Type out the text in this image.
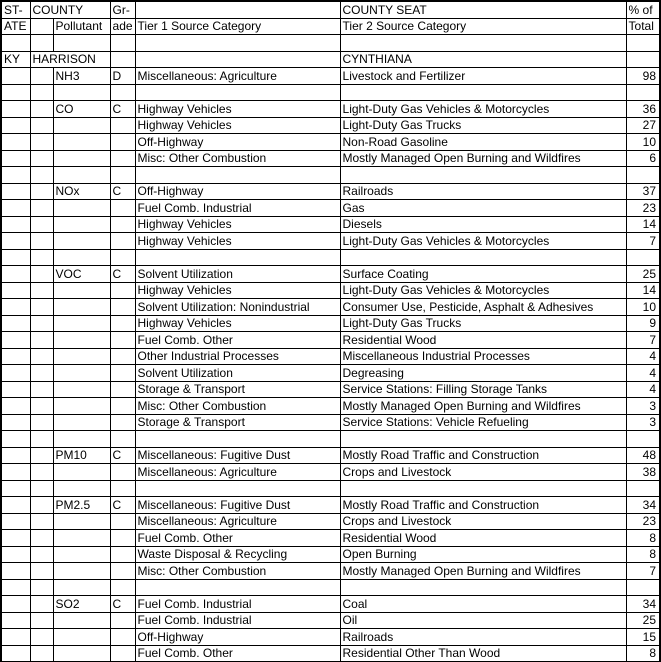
ST-	COUNTY		Gr-		COUNTY SEAT	% of
ATE		Pollutant	ade	Tier 1 Source Category	Tier 2 Source Category	Total

KY	HARRISON				CYNTHIANA	
		NH3	D	Miscellaneous: Agriculture	Livestock and Fertilizer	98

		CO	C	Highway Vehicles	Light-Duty Gas Vehicles & Motorcycles	36
				Highway Vehicles	Light-Duty Gas Trucks	27
				Off-Highway	Non-Road Gasoline	10
				Misc: Other Combustion	Mostly Managed Open Burning and Wildfires	6

		NOx	C	Off-Highway	Railroads	37
				Fuel Comb. Industrial	Gas	23
				Highway Vehicles	Diesels	14
				Highway Vehicles	Light-Duty Gas Vehicles & Motorcycles	7

		VOC	C	Solvent Utilization	Surface Coating	25
				Highway Vehicles	Light-Duty Gas Vehicles & Motorcycles	14
				Solvent Utilization: Nonindustrial	Consumer Use, Pesticide, Asphalt & Adhesives	10
				Highway Vehicles	Light-Duty Gas Trucks	9
				Fuel Comb. Other	Residential Wood	7
				Other Industrial Processes	Miscellaneous Industrial Processes	4
				Solvent Utilization	Degreasing	4
				Storage & Transport	Service Stations: Filling Storage Tanks	4
				Misc: Other Combustion	Mostly Managed Open Burning and Wildfires	3
				Storage & Transport	Service Stations: Vehicle Refueling	3

		PM10	C	Miscellaneous: Fugitive Dust	Mostly Road Traffic and Construction	48
				Miscellaneous: Agriculture	Crops and Livestock	38

		PM2.5	C	Miscellaneous: Fugitive Dust	Mostly Road Traffic and Construction	34
				Miscellaneous: Agriculture	Crops and Livestock	23
				Fuel Comb. Other	Residential Wood	8
				Waste Disposal & Recycling	Open Burning	8
				Misc: Other Combustion	Mostly Managed Open Burning and Wildfires	7

		SO2	C	Fuel Comb. Industrial	Coal	34
				Fuel Comb. Industrial	Oil	25
				Off-Highway	Railroads	15
				Fuel Comb. Other	Residential Other Than Wood	8
